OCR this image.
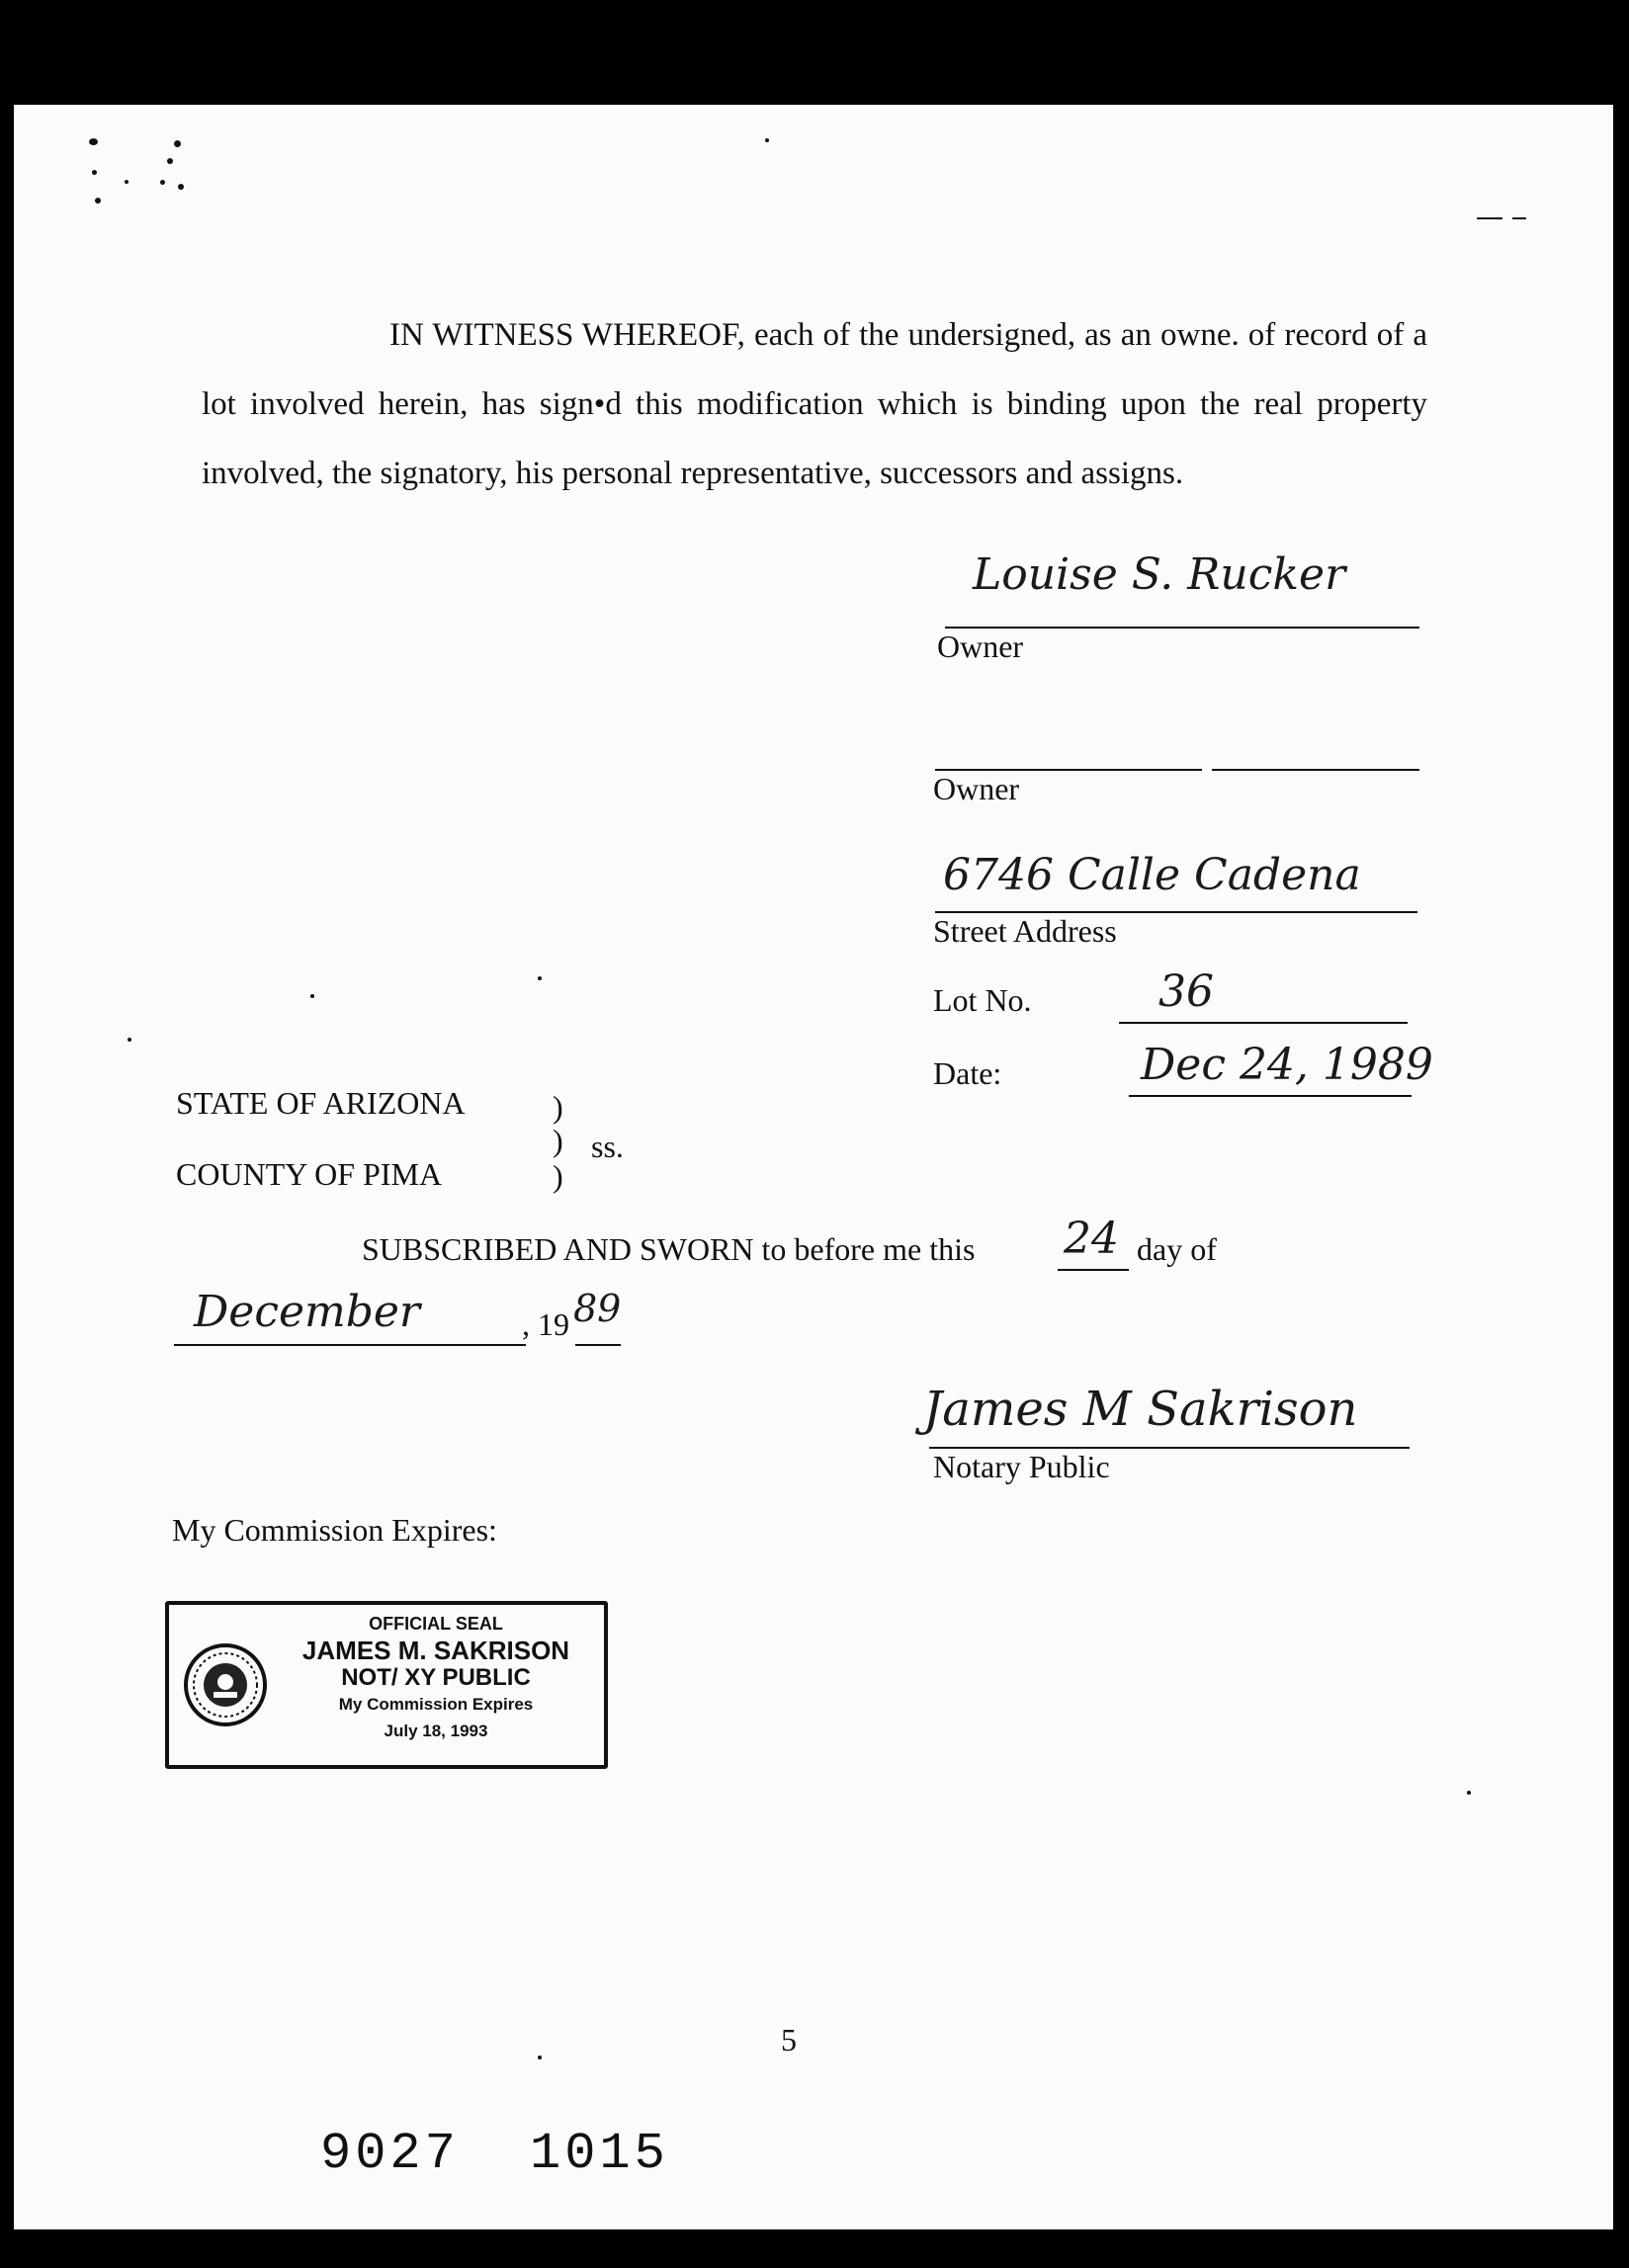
IN WITNESS WHEREOF, each of the undersigned, as an owne. of record of a lot involved herein, has sign•d this modification which is binding upon the real property involved, the signatory, his personal representative, successors and assigns.

Louise S. Rucker
Owner
Owner
6746 Calle Cadena
Street Address
Lot No.	36
Date:	Dec 24, 1989
STATE OF ARIZONA
COUNTY OF PIMA
)
)
)
ss.
SUBSCRIBED AND SWORN to before me this 24 day of
December	, 19 89
James M Sakrison
Notary Public
My Commission Expires:
OFFICIAL SEAL
JAMES M. SAKRISON
NOT/ XY PUBLIC
My Commission Expires
July 18, 1993
5
9027 1015
